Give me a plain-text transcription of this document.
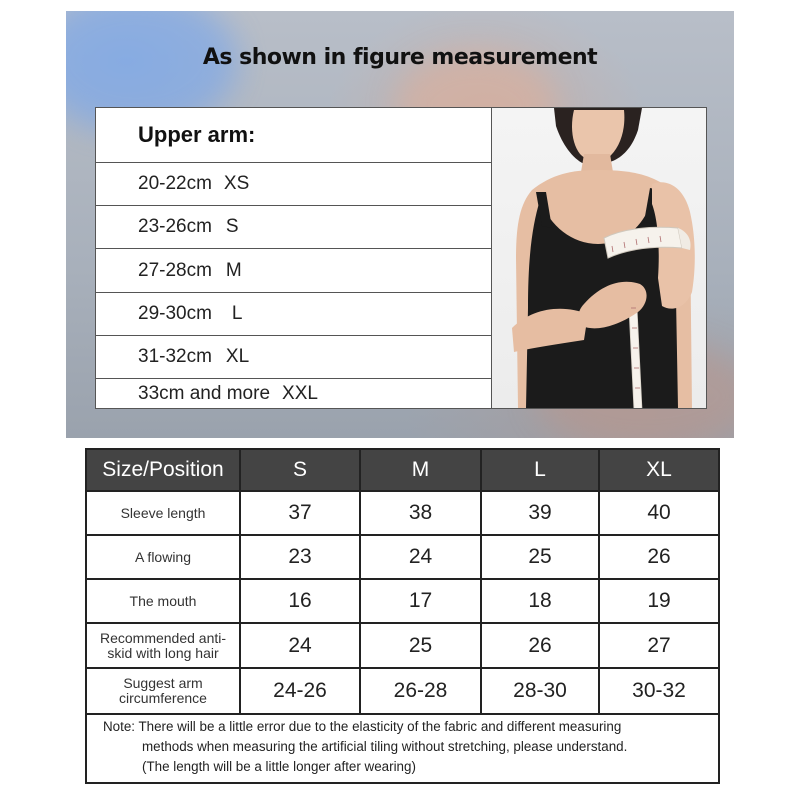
As shown in figure measurement
Upper arm:
20-22cm XS
23-26cm S
27-28cm M
29-30cm L
31-32cm XL
33cm and more XXL
Size/Position	S	M	L	XL
Sleeve length	37	38	39	40
A flowing	23	24	25	26
The mouth	16	17	18	19
Recommended anti-skid with long hair	24	25	26	27
Suggest arm circumference	24-26	26-28	28-30	30-32
Note: There will be a little error due to the elasticity of the fabric and different measuring
methods when measuring the artificial tiling without stretching, please understand.
(The length will be a little longer after wearing)
